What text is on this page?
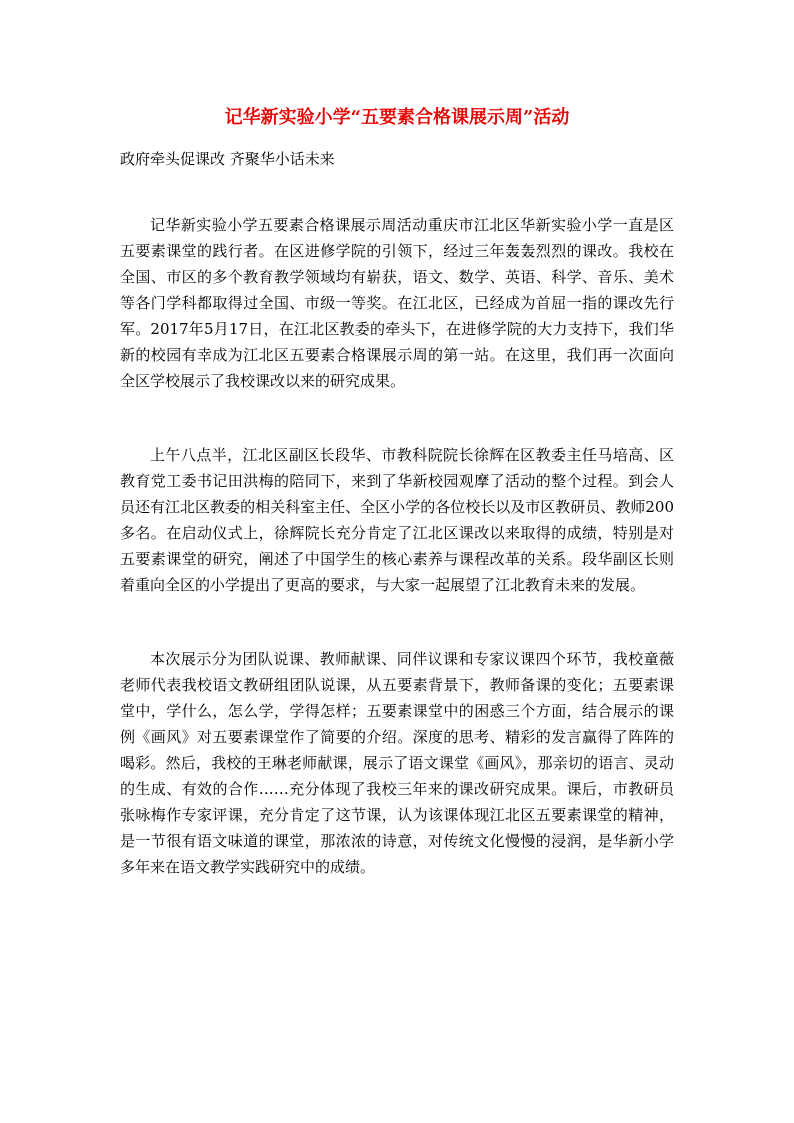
记华新实验小学“五要素合格课展示周”活动

政府牵头促课改 齐聚华小话未来

记华新实验小学五要素合格课展示周活动重庆市江北区华新实验小学一直是区五要素课堂的践行者。在区进修学院的引领下，经过三年轰轰烈烈的课改。我校在全国、市区的多个教育教学领域均有崭获，语文、数学、英语、科学、音乐、美术等各门学科都取得过全国、市级一等奖。在江北区，已经成为首屈一指的课改先行军。2017年5月17日，在江北区教委的牵头下，在进修学院的大力支持下，我们华新的校园有幸成为江北区五要素合格课展示周的第一站。在这里，我们再一次面向全区学校展示了我校课改以来的研究成果。

上午八点半，江北区副区长段华、市教科院院长徐辉在区教委主任马培高、区教育党工委书记田洪梅的陪同下，来到了华新校园观摩了活动的整个过程。到会人员还有江北区教委的相关科室主任、全区小学的各位校长以及市区教研员、教师200多名。在启动仪式上，徐辉院长充分肯定了江北区课改以来取得的成绩，特别是对五要素课堂的研究，阐述了中国学生的核心素养与课程改革的关系。段华副区长则着重向全区的小学提出了更高的要求，与大家一起展望了江北教育未来的发展。

本次展示分为团队说课、教师献课、同伴议课和专家议课四个环节，我校童薇老师代表我校语文教研组团队说课，从五要素背景下，教师备课的变化；五要素课堂中，学什么，怎么学，学得怎样；五要素课堂中的困惑三个方面，结合展示的课例《画风》对五要素课堂作了简要的介绍。深度的思考、精彩的发言赢得了阵阵的喝彩。然后，我校的王琳老师献课，展示了语文课堂《画风》，那亲切的语言、灵动的生成、有效的合作……充分体现了我校三年来的课改研究成果。课后，市教研员张咏梅作专家评课，充分肯定了这节课，认为该课体现江北区五要素课堂的精神，是一节很有语文味道的课堂，那浓浓的诗意，对传统文化慢慢的浸润，是华新小学多年来在语文教学实践研究中的成绩。
